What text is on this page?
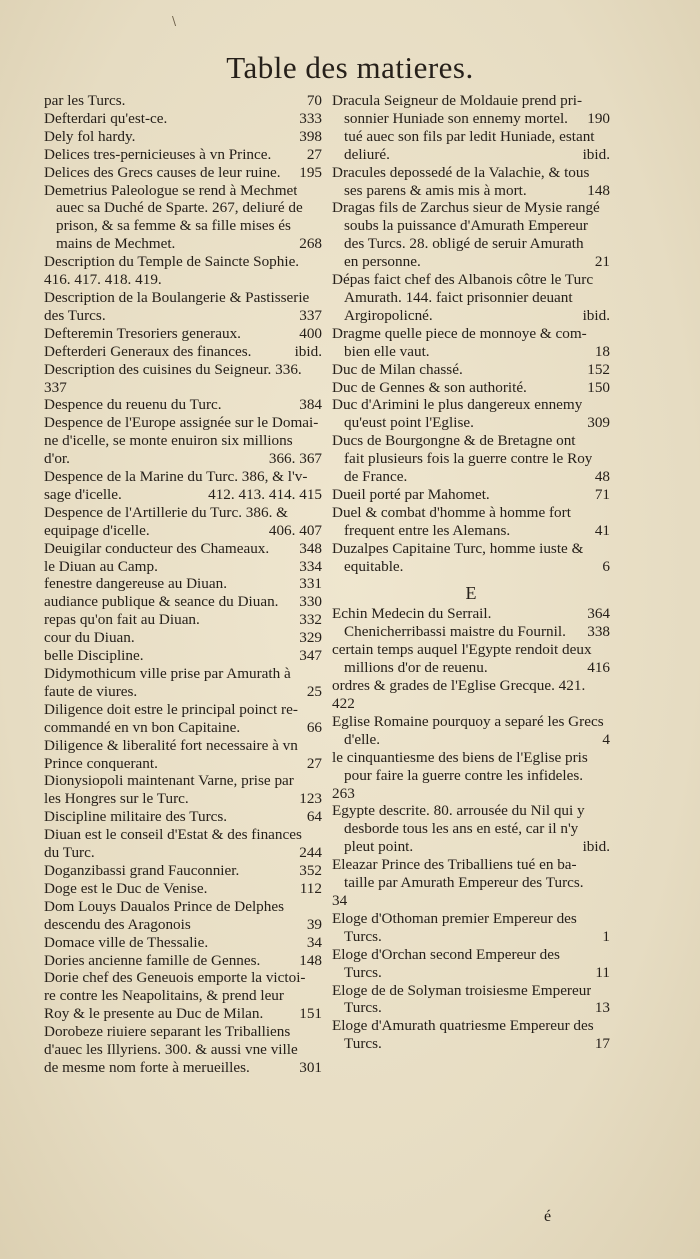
\
Table des matieres.
par les Turcs.	70
Defterdari qu'est-ce.	333
Dely fol hardy.	398
Delices tres-pernicieuses à vn Prince. 27
Delices des Grecs causes de leur ruine. 195
Demetrius Paleologue se rend à Mechmet
auec sa Duché de Sparte. 267, deliuré de
prison, & sa femme & sa fille mises és
mains de Mechmet.	268
Description du Temple de Saincte Sophie.
416. 417. 418. 419.
Description de la Boulangerie & Pastisserie
des Turcs.	337
Defteremin Tresoriers generaux.	400
Defterderi Generaux des finances.	ibid.
Description des cuisines du Seigneur. 336.
337
Despence du reuenu du Turc.	384
Despence de l'Europe assignée sur le Domai-
ne d'icelle, se monte enuiron six millions
d'or.	366. 367
Despence de la Marine du Turc. 386, & l'v-
sage d'icelle.	412. 413. 414. 415
Despence de l'Artillerie du Turc. 386. &
equipage d'icelle.	406. 407
Deuigilar conducteur des Chameaux. 348
le Diuan au Camp.	334
fenestre dangereuse au Diuan.	331
audiance publique & seance du Diuan. 330
repas qu'on fait au Diuan.	332
cour du Diuan.	329
belle Discipline.	347
Didymothicum ville prise par Amurath à
faute de viures.	25
Diligence doit estre le principal poinct re-
commandé en vn bon Capitaine.	66
Diligence & liberalité fort necessaire à vn
Prince conquerant.	27
Dionysiopoli maintenant Varne, prise par
les Hongres sur le Turc.	123
Discipline militaire des Turcs.	64
Diuan est le conseil d'Estat & des finances
du Turc.	244
Doganzibassi grand Fauconnier.	352
Doge est le Duc de Venise.	112
Dom Louys Daualos Prince de Delphes
descendu des Aragonois	39
Domace ville de Thessalie.	34
Dories ancienne famille de Gennes.	148
Dorie chef des Geneuois emporte la victoi-
re contre les Neapolitains, & prend leur
Roy & le presente au Duc de Milan. 151
Dorobeze riuiere separant les Triballiens
d'auec les Illyriens. 300. & aussi vne ville
de mesme nom forte à merueilles.	301
Dracula Seigneur de Moldauie prend pri-
sonnier Huniade son ennemy mortel. 190
tué auec son fils par ledit Huniade, estant
deliuré.	ibid.
Dracules depossedé de la Valachie, & tous
ses parens & amis mis à mort.	148
Dragas fils de Zarchus sieur de Mysie rangé
soubs la puissance d'Amurath Empereur
des Turcs. 28. obligé de seruir Amurath
en personne.	21
Dépas faict chef des Albanois côtre le Turc
Amurath. 144. faict prisonnier deuant
Argiropolicné.	ibid.
Dragme quelle piece de monnoye & com-
bien elle vaut.	18
Duc de Milan chassé.	152
Duc de Gennes & son authorité.	150
Duc d'Arimini le plus dangereux ennemy
qu'eust point l'Eglise.	309
Ducs de Bourgongne & de Bretagne ont
fait plusieurs fois la guerre contre le Roy
de France.	48
Dueil porté par Mahomet.	71
Duel & combat d'homme à homme fort
frequent entre les Alemans.	41
Duzalpes Capitaine Turc, homme iuste &
equitable.	6
E
Echin Medecin du Serrail.	364
Chenicherribassi maistre du Fournil. 338
certain temps auquel l'Egypte rendoit deux
millions d'or de reuenu.	416
ordres & grades de l'Eglise Grecque. 421.
422
Eglise Romaine pourquoy a separé les Grecs
d'elle.	4
le cinquantiesme des biens de l'Eglise pris
pour faire la guerre contre les infideles.
263
Egypte descrite. 80. arrousée du Nil qui y
desborde tous les ans en esté, car il n'y
pleut point.	ibid.
Eleazar Prince des Triballiens tué en ba-
taille par Amurath Empereur des Turcs.
34
Eloge d'Othoman premier Empereur des
Turcs.	1
Eloge d'Orchan second Empereur des
Turcs.	11
Eloge de de Solyman troisiesme Empereur
Turcs.	13
Eloge d'Amurath quatriesme Empereur des
Turcs.	17
é
